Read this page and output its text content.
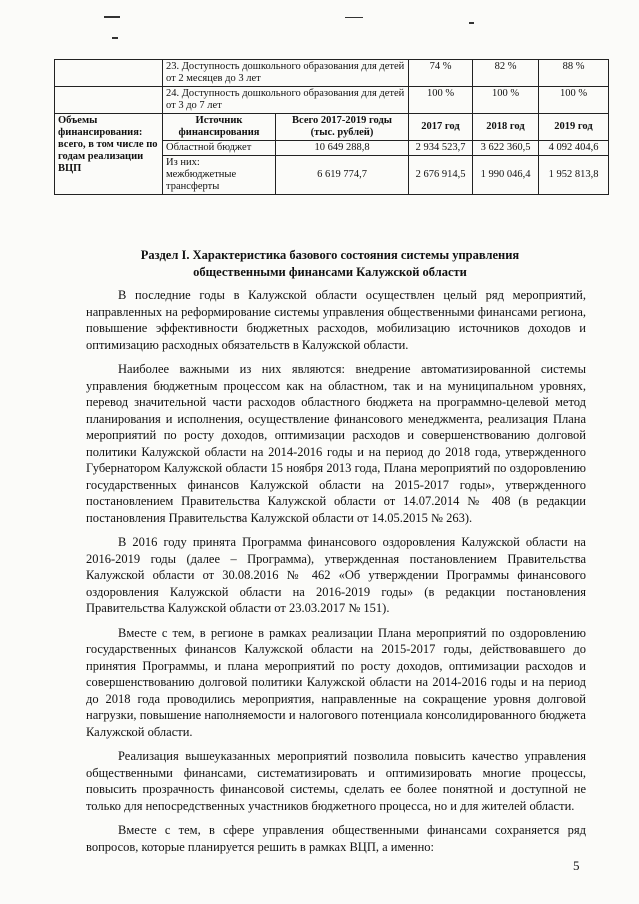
	23. Доступность дошкольного образования для детей от 2 месяцев до 3 лет		74 %	82 %	88 %
	24. Доступность дошкольного образования для детей от 3 до 7 лет		100 %	100 %	100 %
Объемы финансирования: всего, в том числе по годам реализации ВЦП	Источник финансирования	Всего 2017-2019 годы (тыс. рублей)	2017 год	2018 год	2019 год
	Областной бюджет	10 649 288,8	2 934 523,7	3 622 360,5	4 092 404,6
	Из них: межбюджетные трансферты	6 619 774,7	2 676 914,5	1 990 046,4	1 952 813,8
Раздел I. Характеристика базового состояния системы управления
общественными финансами Калужской области

В последние годы в Калужской области осуществлен целый ряд мероприятий, направленных на реформирование системы управления общественными финансами региона, повышение эффективности бюджетных расходов, мобилизацию источников доходов и оптимизацию расходных обязательств в Калужской области.

Наиболее важными из них являются: внедрение автоматизированной системы управления бюджетным процессом как на областном, так и на муниципальном уровнях, перевод значительной части расходов областного бюджета на программно-целевой метод планирования и исполнения, осуществление финансового менеджмента, реализация Плана мероприятий по росту доходов, оптимизации расходов и совершенствованию долговой политики Калужской области на 2014-2016 годы и на период до 2018 года, утвержденного Губернатором Калужской области 15 ноября 2013 года, Плана мероприятий по оздоровлению государственных финансов Калужской области на 2015-2017 годы», утвержденного постановлением Правительства Калужской области от 14.07.2014 № 408 (в редакции постановления Правительства Калужской области от 14.05.2015 № 263).

В 2016 году принята Программа финансового оздоровления Калужской области на 2016-2019 годы (далее – Программа), утвержденная постановлением Правительства Калужской области от 30.08.2016 № 462 «Об утверждении Программы финансового оздоровления Калужской области на 2016-2019 годы» (в редакции постановления Правительства Калужской области от 23.03.2017 № 151).

Вместе с тем, в регионе в рамках реализации Плана мероприятий по оздоровлению государственных финансов Калужской области на 2015-2017 годы, действовавшего до принятия Программы, и плана мероприятий по росту доходов, оптимизации расходов и совершенствованию долговой политики Калужской области на 2014-2016 годы и на период до 2018 года проводились мероприятия, направленные на сокращение уровня долговой нагрузки, повышение наполняемости и налогового потенциала консолидированного бюджета Калужской области.

Реализация вышеуказанных мероприятий позволила повысить качество управления общественными финансами, систематизировать и оптимизировать многие процессы, повысить прозрачность финансовой системы, сделать ее более понятной и доступной не только для непосредственных участников бюджетного процесса, но и для жителей области.

Вместе с тем, в сфере управления общественными финансами сохраняется ряд вопросов, которые планируется решить в рамках ВЦП, а именно:

5
